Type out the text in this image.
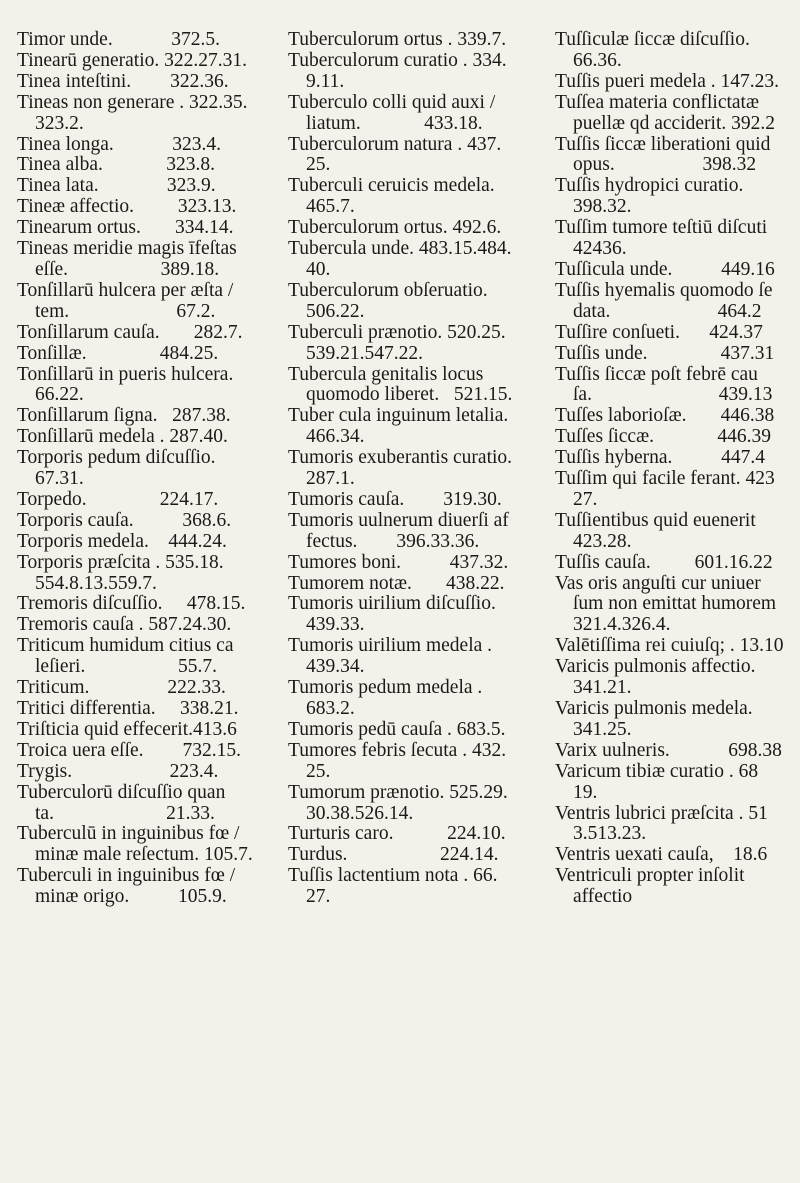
Timor unde.            372.5.
Tinearū generatio. 322.27.31.
Tinea inteſtini.        322.36.
Tineas non generare . 322.35.
323.2.
Tinea longa.            323.4.
Tinea alba.             323.8.
Tinea lata.              323.9.
Tineæ affectio.         323.13.
Tinearum ortus.       334.14.
Tineas meridie magis īfeſtas
eſſe.                   389.18.
Tonſillarū hulcera per æſta /
tem.                      67.2.
Tonſillarum cauſa.       282.7.
Tonſillæ.               484.25.
Tonſillarū in pueris hulcera.
66.22.
Tonſillarum ſigna.   287.38.
Tonſillarū medela . 287.40.
Torporis pedum diſcuſſio.
67.31.
Torpedo.               224.17.
Torporis cauſa.          368.6.
Torporis medela.    444.24.
Torporis præſcita . 535.18.
554.8.13.559.7.
Tremoris diſcuſſio.     478.15.
Tremoris cauſa . 587.24.30.
Triticum humidum citius ca
leſieri.                   55.7.
Triticum.                222.33.
Tritici differentia.     338.21.
Triſticia quid effecerit.413.6
Troica uera eſſe.        732.15.
Trygis.                    223.4.
Tuberculorū diſcuſſio quan
ta.                       21.33.
Tuberculū in inguinibus fœ /
minæ male reſectum. 105.7.
Tuberculi in inguinibus fœ /
minæ origo.          105.9.
Tuberculorum ortus . 339.7.
Tuberculorum curatio . 334.
9.11.
Tuberculo colli quid auxi /
liatum.             433.18.
Tuberculorum natura . 437.
25.
Tuberculi ceruicis medela.
465.7.
Tuberculorum ortus. 492.6.
Tubercula unde. 483.15.484.
40.
Tuberculorum obſeruatio.
506.22.
Tuberculi prænotio. 520.25.
539.21.547.22.
Tubercula genitalis locus
quomodo liberet.   521.15.
Tuber cula inguinum letalia.
466.34.
Tumoris exuberantis curatio.
287.1.
Tumoris cauſa.        319.30.
Tumoris uulnerum diuerſi af
fectus.        396.33.36.
Tumores boni.          437.32.
Tumorem notæ.       438.22.
Tumoris uirilium diſcuſſio.
439.33.
Tumoris uirilium medela .
439.34.
Tumoris pedum medela .
683.2.
Tumoris pedū cauſa . 683.5.
Tumores febris ſecuta . 432.
25.
Tumorum prænotio. 525.29.
30.38.526.14.
Turturis caro.           224.10.
Turdus.                   224.14.
Tuſſis lactentium nota . 66.
27.
Tuſſiculæ ſiccæ diſcuſſio.
66.36.
Tuſſis pueri medela . 147.23.
Tuſſea materia conflictatæ
puellæ qd acciderit. 392.2
Tuſſis ſiccæ liberationi quid
opus.                  398.32
Tuſſis hydropici curatio.
398.32.
Tuſſim tumore teſtiū diſcuti
42436.
Tuſſicula unde.          449.16
Tuſſis hyemalis quomodo ſe
data.                      464.2
Tuſſire conſueti.      424.37
Tuſſis unde.               437.31
Tuſſis ſiccæ poſt febrē cau
ſa.                          439.13
Tuſſes laborioſæ.       446.38
Tuſſes ſiccæ.             446.39
Tuſſis hyberna.          447.4
Tuſſim qui facile ferant. 423
27.
Tuſſientibus quid euenerit
423.28.
Tuſſis cauſa.         601.16.22
Vas oris anguſti cur uniuer
ſum non emittat humorem
321.4.326.4.
Valētiſſima rei cuiuſq; . 13.10
Varicis pulmonis affectio.
341.21.
Varicis pulmonis medela.
341.25.
Varix uulneris.            698.38
Varicum tibiæ curatio . 68
19.
Ventris lubrici præſcita . 51
3.513.23.
Ventris uexati cauſa,    18.6
Ventriculi propter inſolit
affectio
